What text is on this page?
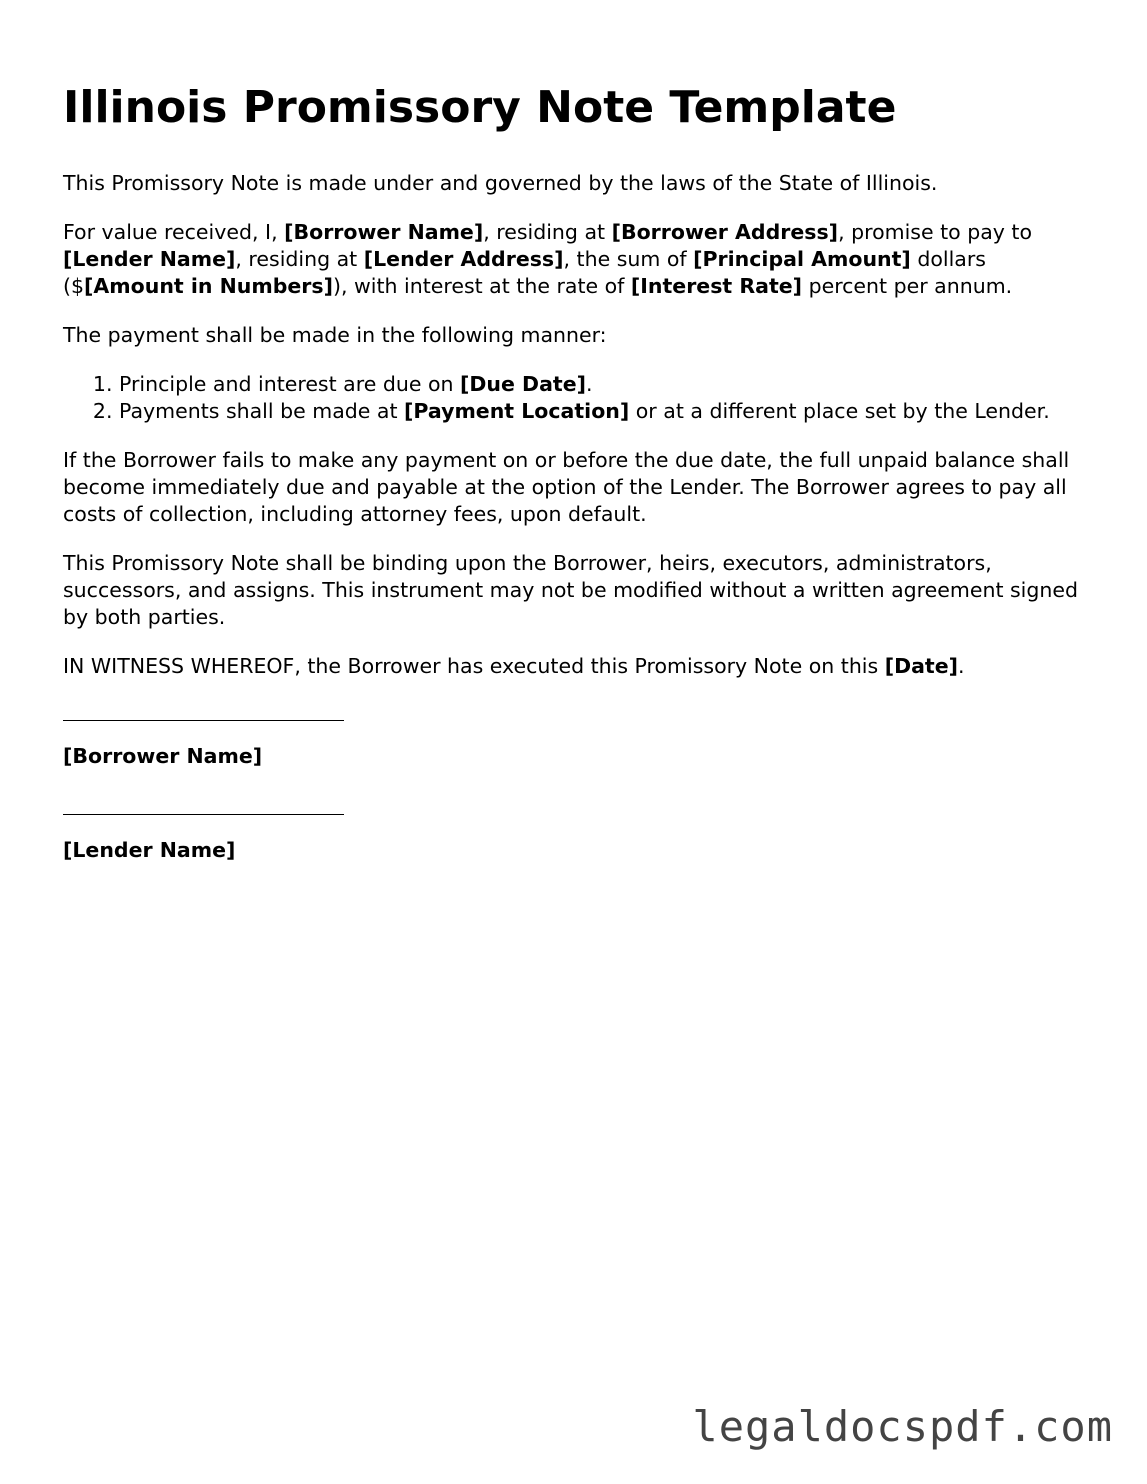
Illinois Promissory Note Template

This Promissory Note is made under and governed by the laws of the State of Illinois.

For value received, I, [Borrower Name], residing at [Borrower Address], promise to pay to [Lender Name], residing at [Lender Address], the sum of [Principal Amount] dollars ($[Amount in Numbers]), with interest at the rate of [Interest Rate] percent per annum.

The payment shall be made in the following manner:

1. Principle and interest are due on [Due Date].
2. Payments shall be made at [Payment Location] or at a different place set by the Lender.

If the Borrower fails to make any payment on or before the due date, the full unpaid balance shall become immediately due and payable at the option of the Lender. The Borrower agrees to pay all costs of collection, including attorney fees, upon default.

This Promissory Note shall be binding upon the Borrower, heirs, executors, administrators, successors, and assigns. This instrument may not be modified without a written agreement signed by both parties.

IN WITNESS WHEREOF, the Borrower has executed this Promissory Note on this [Date].

[Borrower Name]
[Lender Name]
legaldocspdf.com
